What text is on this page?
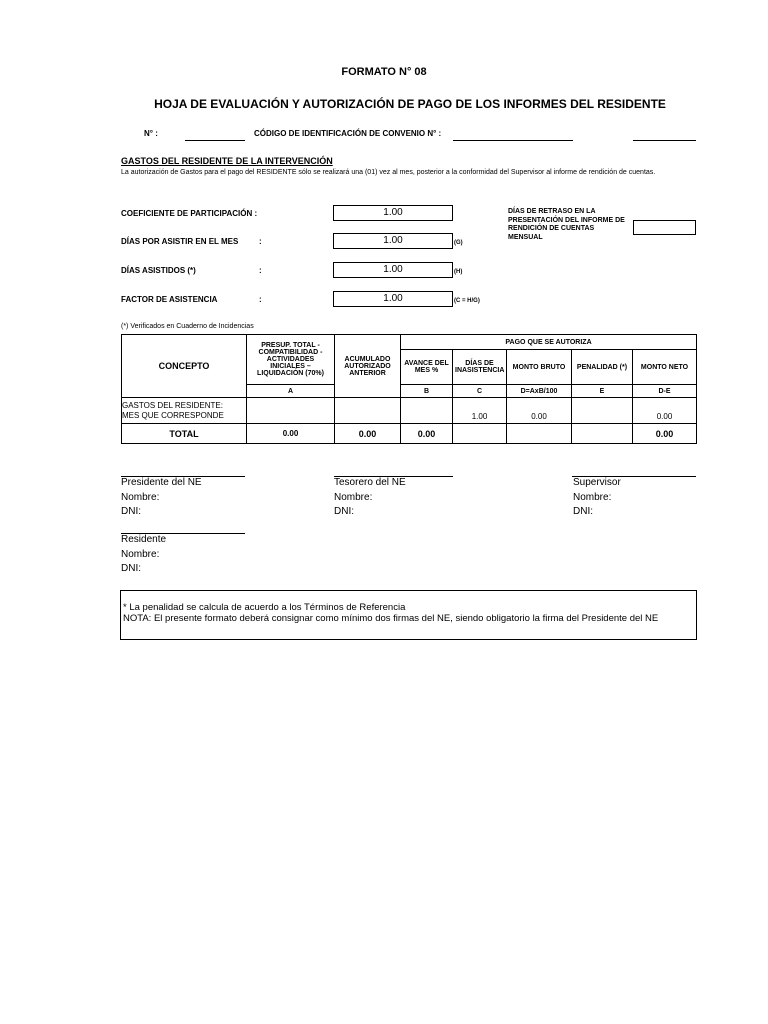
FORMATO N° 08
HOJA DE EVALUACIÓN Y AUTORIZACIÓN DE PAGO DE LOS INFORMES DEL RESIDENTE
N° :	CÓDIGO DE IDENTIFICACIÓN DE CONVENIO N° :
GASTOS DEL RESIDENTE DE LA INTERVENCIÓN
La autorización de Gastos para el pago del RESIDENTE sólo se realizará una (01) vez al mes, posterior a la conformidad del Supervisor al informe de rendición de cuentas.
COEFICIENTE DE PARTICIPACIÓN :	1.00
DÍAS POR ASISTIR EN EL MES	:	1.00	(G)
DÍAS ASISTIDOS (*)	:	1.00	(H)
FACTOR DE ASISTENCIA	:	1.00	(C = H/G)
DÍAS DE RETRASO EN LA PRESENTACIÓN DEL INFORME DE RENDICIÓN DE CUENTAS MENSUAL
(*) Verificados en Cuaderno de Incidencias
CONCEPTO	PRESUP. TOTAL - COMPATIBILIDAD - ACTIVIDADES INICIALES – LIQUIDACIÓN (70%)	ACUMULADO AUTORIZADO ANTERIOR	PAGO QUE SE AUTORIZA				
			AVANCE DEL MES %	DÍAS DE INASISTENCIA	MONTO BRUTO	PENALIDAD (*)	MONTO NETO
	A		B	C	D=AxB/100	E	D-E

GASTOS DEL RESIDENTE:
MES QUE CORRESPONDE				1.00	0.00		0.00
TOTAL	0.00	0.00	0.00				0.00
Presidente del NE
Nombre:
DNI:
Tesorero del NE
Nombre:
DNI:
Supervisor
Nombre:
DNI:
Residente
Nombre:
DNI:
* La penalidad se calcula de acuerdo a los Términos de Referencia
NOTA: El presente formato deberá consignar como mínimo dos firmas del NE, siendo obligatorio la firma del Presidente del NE
